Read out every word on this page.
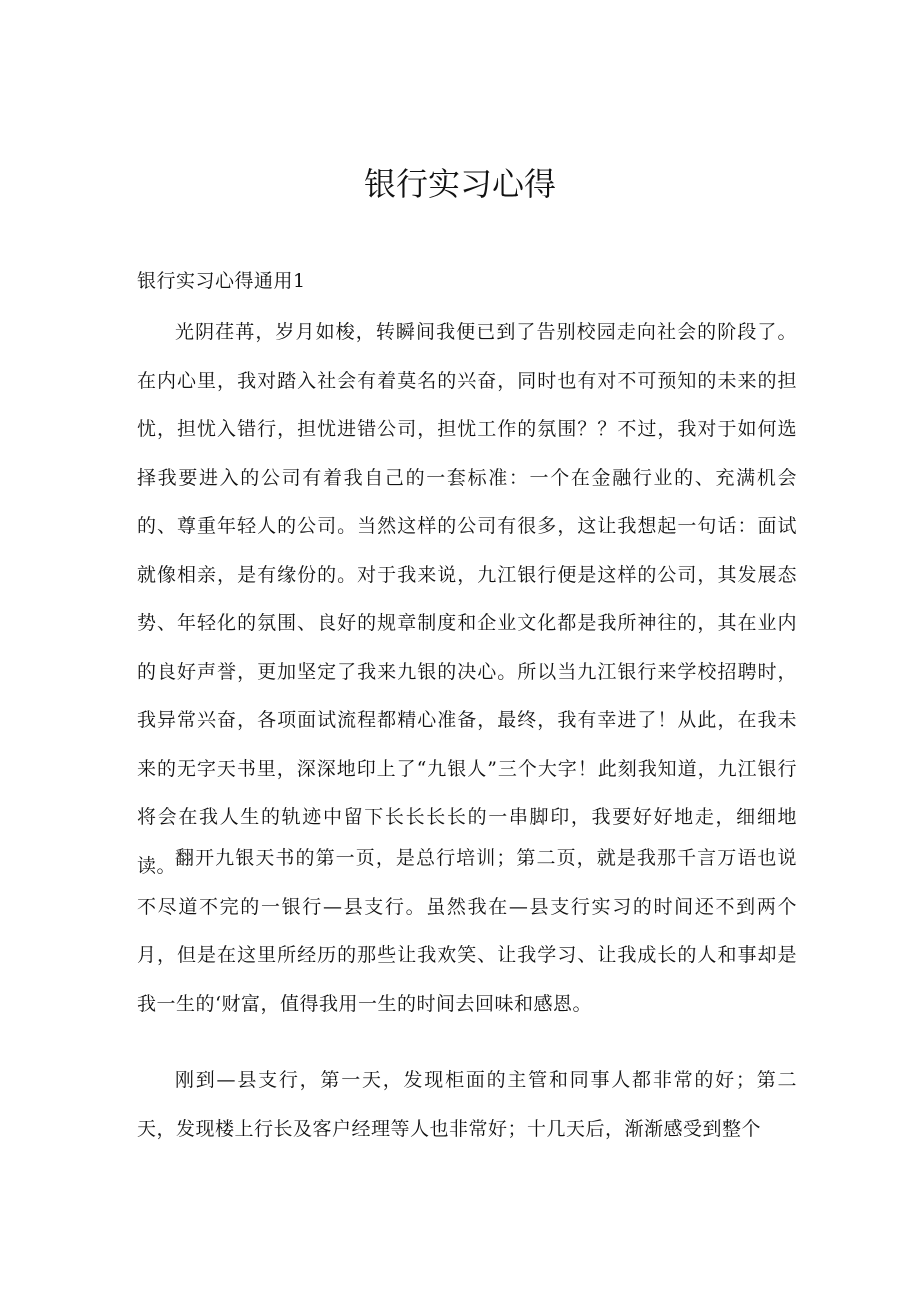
银行实习心得

银行实习心得通用1

光阴荏苒，岁月如梭，转瞬间我便已到了告别校园走向社会的阶段了。在内心里，我对踏入社会有着莫名的兴奋，同时也有对不可预知的未来的担忧，担忧入错行，担忧进错公司，担忧工作的氛围？？不过，我对于如何选择我要进入的公司有着我自己的一套标准：一个在金融行业的、充满机会的、尊重年轻人的公司。当然这样的公司有很多，这让我想起一句话：面试就像相亲，是有缘份的。对于我来说，九江银行便是这样的公司，其发展态势、年轻化的氛围、良好的规章制度和企业文化都是我所神往的，其在业内的良好声誉，更加坚定了我来九银的决心。所以当九江银行来学校招聘时，我异常兴奋，各项面试流程都精心准备，最终，我有幸进了！从此，在我未来的无字天书里，深深地印上了“九银人”三个大字！此刻我知道，九江银行将会在我人生的轨迹中留下长长长长的一串脚印，我要好好地走，细细地读。

翻开九银天书的第一页，是总行培训；第二页，就是我那千言万语也说不尽道不完的一银行—县支行。虽然我在—县支行实习的时间还不到两个月，但是在这里所经历的那些让我欢笑、让我学习、让我成长的人和事却是我一生的‘财富，值得我用一生的时间去回味和感恩。

刚到—县支行，第一天，发现柜面的主管和同事人都非常的好；第二天，发现楼上行长及客户经理等人也非常好；十几天后，渐渐感受到整个
